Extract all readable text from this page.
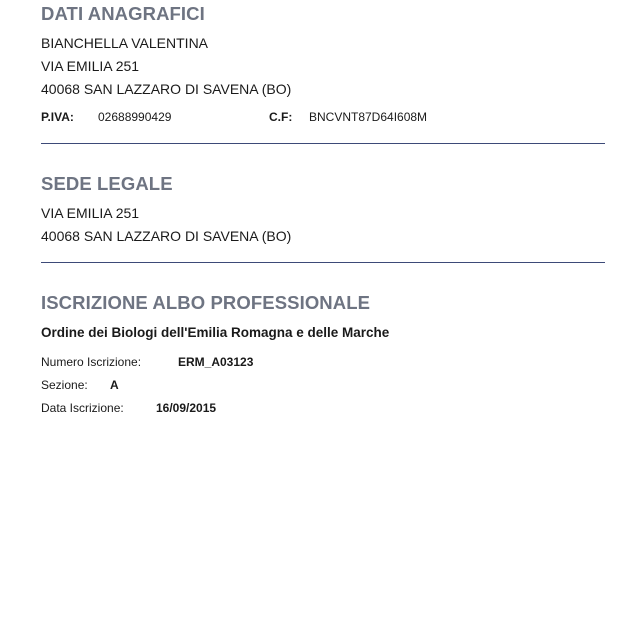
DATI ANAGRAFICI
BIANCHELLA VALENTINA
VIA EMILIA 251
40068 SAN LAZZARO DI SAVENA (BO)
P.IVA: 02688990429	C.F: BNCVNT87D64I608M
SEDE LEGALE
VIA EMILIA 251
40068 SAN LAZZARO DI SAVENA (BO)
ISCRIZIONE ALBO PROFESSIONALE
Ordine dei Biologi dell'Emilia Romagna e delle Marche
Numero Iscrizione:	ERM_A03123
Sezione: A
Data Iscrizione:	16/09/2015
